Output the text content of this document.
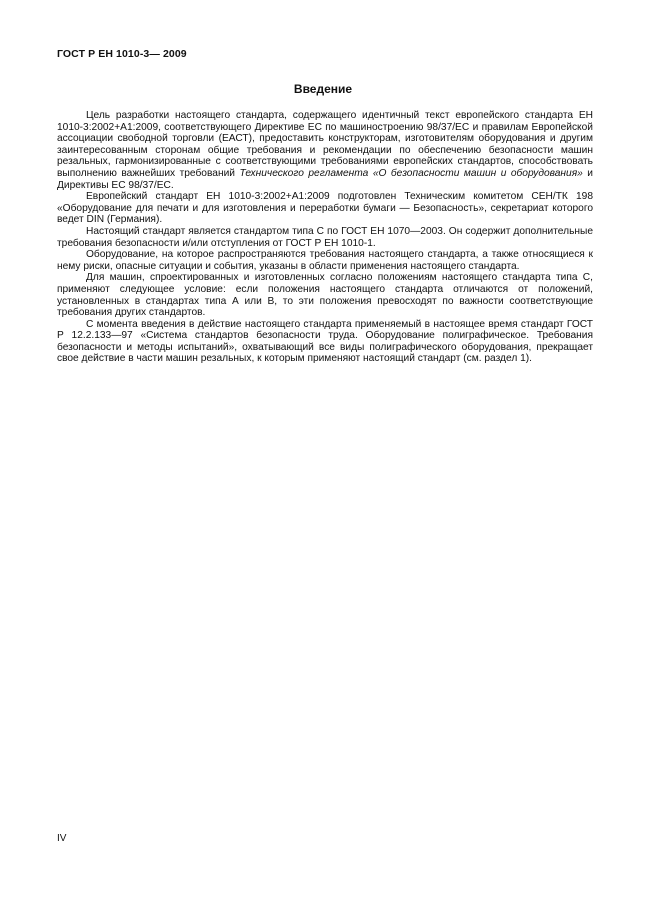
ГОСТ Р ЕН 1010-3— 2009
Введение

Цель разработки настоящего стандарта, содержащего идентичный текст европейского стандарта ЕН 1010-3:2002+А1:2009, соответствующего Директиве ЕС по машиностроению 98/37/ЕС и правилам Европейской ассоциации свободной торговли (ЕАСТ), предоставить конструкторам, изготовителям оборудования и другим заинтересованным сторонам общие требования и рекомендации по обеспечению безопасности машин резальных, гармонизированные с соответствующими требованиями европейских стандартов, способствовать выполнению важнейших требований Технического регламента «О безопасности машин и оборудования» и Директивы ЕС 98/37/ЕС.

Европейский стандарт ЕН 1010-3:2002+А1:2009 подготовлен Техническим комитетом СЕН/ТК 198 «Оборудование для печати и для изготовления и переработки бумаги — Безопасность», секретариат которого ведет DIN (Германия).

Настоящий стандарт является стандартом типа С по ГОСТ ЕН 1070—2003. Он содержит дополнительные требования безопасности и/или отступления от ГОСТ Р ЕН 1010-1.

Оборудование, на которое распространяются требования настоящего стандарта, а также относящиеся к нему риски, опасные ситуации и события, указаны в области применения настоящего стандарта.

Для машин, спроектированных и изготовленных согласно положениям настоящего стандарта типа С, применяют следующее условие: если положения настоящего стандарта отличаются от положений, установленных в стандартах типа А или В, то эти положения превосходят по важности соответствующие требования других стандартов.

С момента введения в действие настоящего стандарта применяемый в настоящее время стандарт ГОСТ Р 12.2.133—97 «Система стандартов безопасности труда. Оборудование полиграфическое. Требования безопасности и методы испытаний», охватывающий все виды полиграфического оборудования, прекращает свое действие в части машин резальных, к которым применяют настоящий стандарт (см. раздел 1).

IV
